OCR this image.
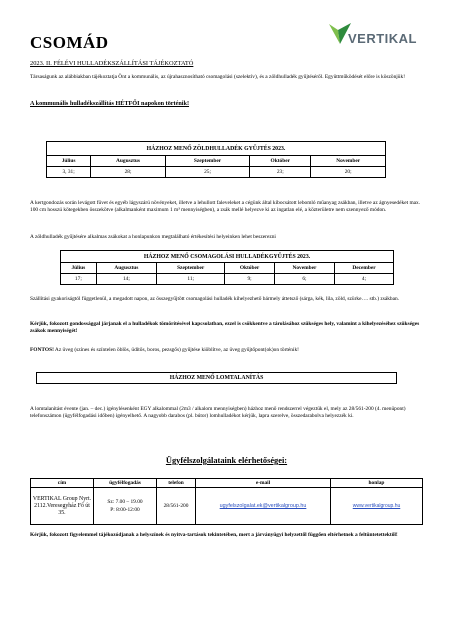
CSOMÁD	VERTIKAL
2023. II. FÉLÉVI HULLADÉKSZÁLLÍTÁSI TÁJÉKOZTATÓ
Társaságunk az alábbiakban tájékoztatja Önt a kommunális, az újrahasznosítható csomagolási (szelektív), és a zöldhulladék gyűjtéséről. Együttműködését előre is köszönjük!
A kommunális hulladékszállítás HÉTFŐI napokon történik!
HÁZHOZ MENŐ ZÖLDHULLADÉK GYŰJTÉS 2023.				
Július	Augusztus	Szeptember	Október	November
3, 31;	28;	25;	23;	20;
A kertgondozás során levágott füvet és egyéb lágyszárú növényeket, illetve a lehullott faleveleket a cégünk által kibocsátott lebomló műanyag zsákban, illetve az ágnyesedéket max. 100 cm hosszú kötegekben összekötve (alkalmanként maximum 1 m³ mennyiségben), a zsák mellé helyezve ki az ingatlan elé, a közterületre nem szennyező módon.
A zöldhulladék gyűjtésére alkalmas zsákokat a honlapunkon megtalálható értékesítési helyeinken lehet beszerezni
HÁZHOZ MENŐ CSOMAGOLÁSI HULLADÉKGYŰJTÉS 2023.					
Július	Augusztus	Szeptember	Október	November	December
17;	14;	11;	9;	6;	4;
Szállítási gyakoriságtól függetlenül, a megadott napon, az összegyűjtött csomagolási hulladék kihelyezhető bármely áttetsző (sárga, kék, lila, zöld, szürke…. stb.) zsákban.
Kérjük, fokozott gondossággal járjanak el a hulladékok tömörítésével kapcsolatban, ezzel is csökkentve a tárolásához szükséges hely, valamint a kihelyezéséhez szükséges zsákok mennyiségét!
FONTOS! Az üveg (színes és színtelen öblös, üdítős, boros, pezsgős) gyűjtése kiöblítve, az üveg gyűjtőpont(ok)on történik!
HÁZHOZ MENŐ LOMTALANÍTÁS
A lomtalanítást évente (jan. – dec.) igénylésenként EGY alkalommal (2m3 / alkalom mennyiségben) házhoz menő rendszerrel végeztük el, mely az 28/561-200 (4. menüpont) telefonszámon (ügyfélfogadási időben) igényelhető. A nagyobb darabos (pl. bútor) lomhulladékot kérjük, lapra szerelve, összedarabolva helyezzék ki.
Ügyfélszolgálataink elérhetőségei:
cím	ügyfélfogadás	telefon	e-mail	honlap
VERTIKAL Group Nyrt. 2112.Veresegyház Fő út 35.	Sz: 7.00 – 19.00
P: 8:00-12:00	28/561-200	ugyfelszolgalat.ek@vertikalgroup.hu	www.vertikalgroup.hu
Kérjük, fokozott figyelemmel tájékozódjanak a helyszínek és nyitva-tartások tekintetében, mert a járványügyi helyzettől függően eltérhetnek a feltüntetettektől!
